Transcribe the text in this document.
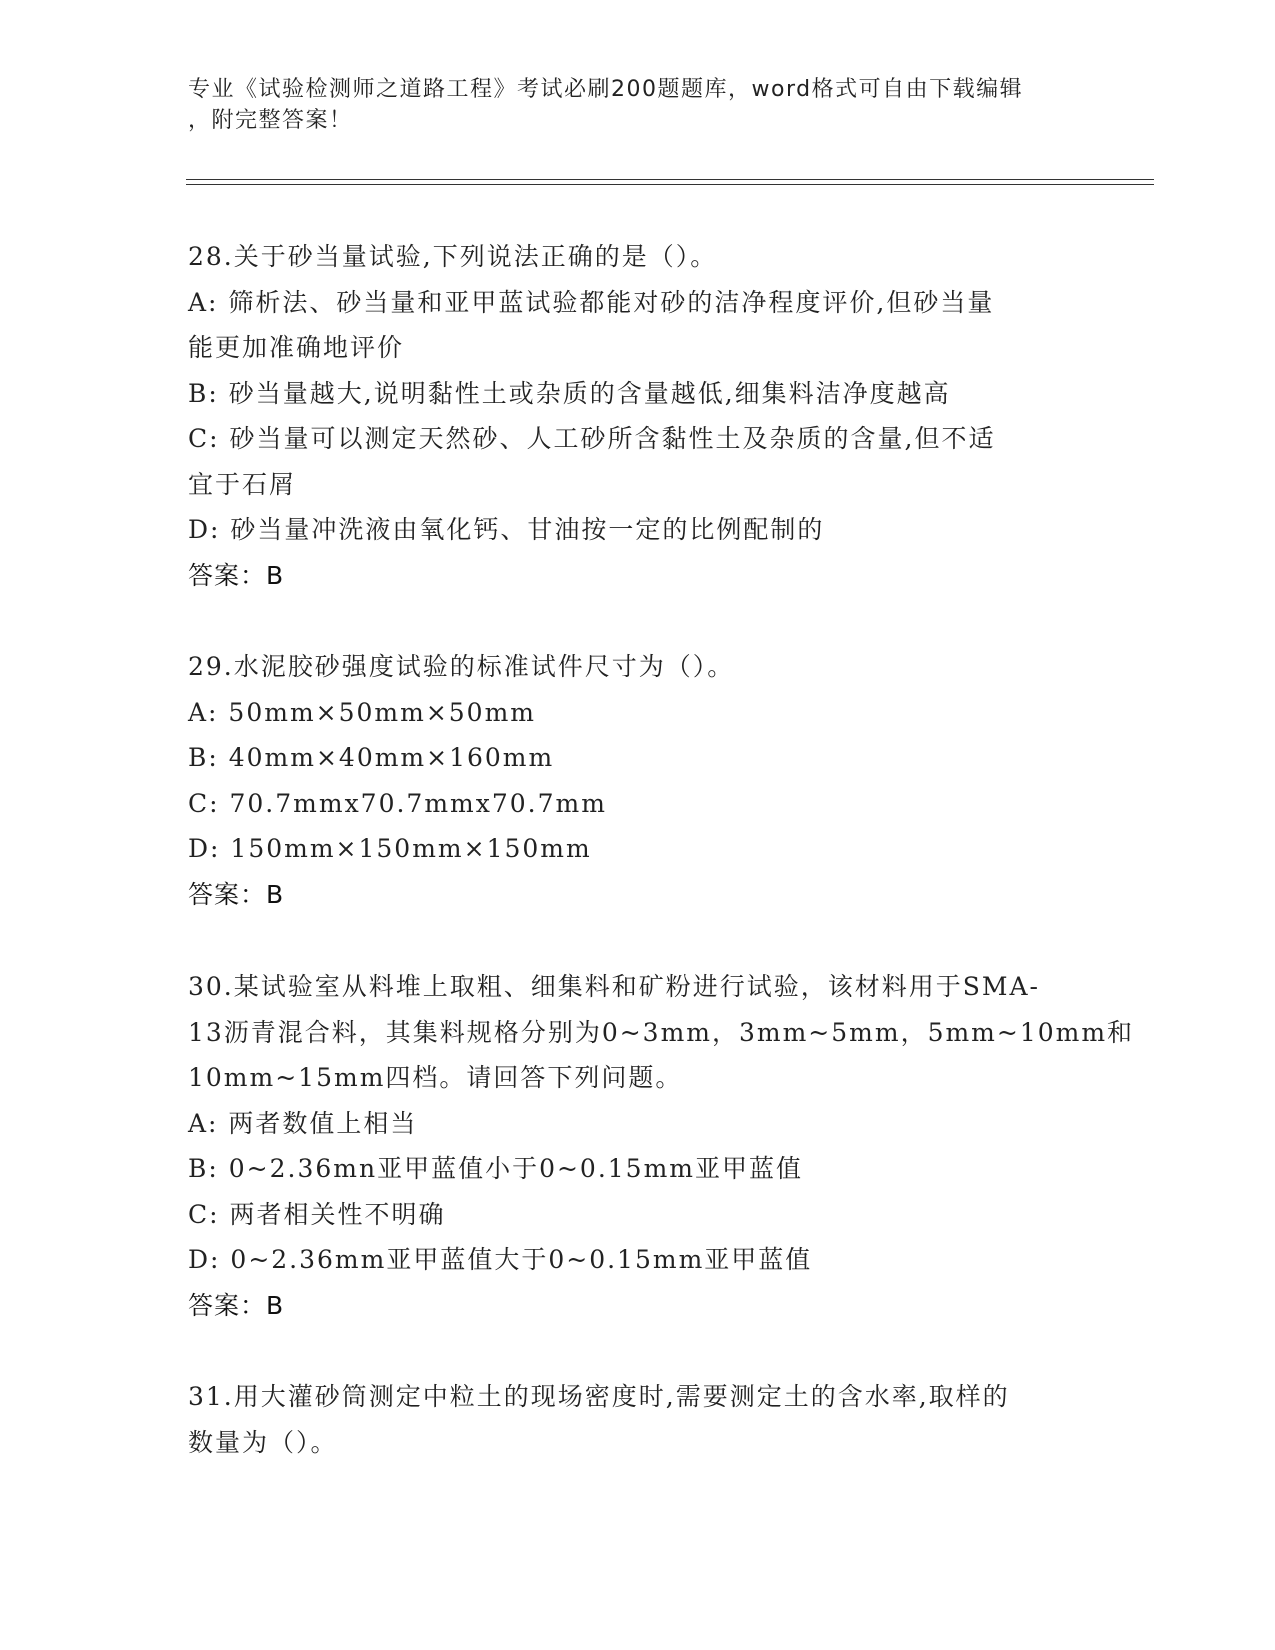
专业《试验检测师之道路工程》考试必刷200题题库，word格式可自由下载编辑
，附完整答案！
28.关于砂当量试验,下列说法正确的是（）。
A: 筛析法、砂当量和亚甲蓝试验都能对砂的洁净程度评价,但砂当量
能更加准确地评价
B: 砂当量越大,说明黏性土或杂质的含量越低,细集料洁净度越高
C: 砂当量可以测定天然砂、人工砂所含黏性土及杂质的含量,但不适
宜于石屑
D: 砂当量冲洗液由氧化钙、甘油按一定的比例配制的
答案：B
29.水泥胶砂强度试验的标准试件尺寸为（）。
A: 50mm×50mm×50mm
B: 40mm×40mm×160mm
C: 70.7mmx70.7mmx70.7mm
D: 150mm×150mm×150mm
答案：B
30.某试验室从料堆上取粗、细集料和矿粉进行试验，该材料用于SMA-
13沥青混合料，其集料规格分别为0~3mm，3mm~5mm，5mm~10mm和
10mm~15mm四档。请回答下列问题。
A: 两者数值上相当
B: 0~2.36mn亚甲蓝值小于0~0.15mm亚甲蓝值
C: 两者相关性不明确
D: 0~2.36mm亚甲蓝值大于0~0.15mm亚甲蓝值
答案：B
31.用大灌砂筒测定中粒土的现场密度时,需要测定土的含水率,取样的
数量为（）。
